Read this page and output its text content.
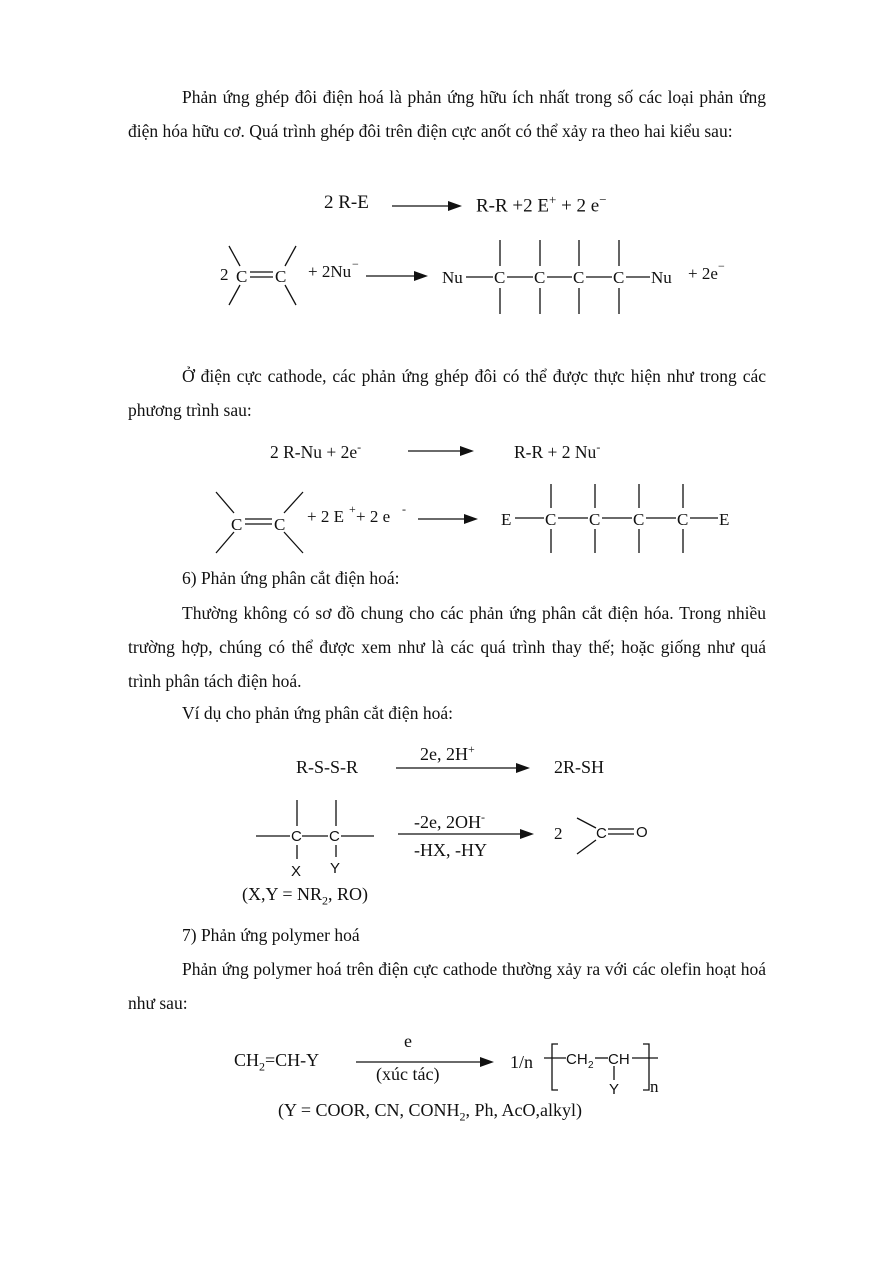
Phản ứng ghép đôi điện hoá là phản ứng hữu ích nhất trong số các loại phản ứng điện hóa hữu cơ. Quá trình ghép đôi trên điện cực anốt có thể xảy ra theo hai kiểu sau:
2 R-E	R-R +2 E+ + 2 e−
2 C C + 2Nu −
Nu C C C C Nu + 2e −
Ở điện cực cathode, các phản ứng ghép đôi có thể được thực hiện như trong các phương trình sau:
2 R-Nu + 2e-	R-R + 2 Nu-
C C + 2 E + + 2 e -
E C C C C E
6) Phản ứng phân cắt điện hoá:
Thường không có sơ đồ chung cho các phản ứng phân cắt điện hóa. Trong nhiều trường hợp, chúng có thể được xem như là các quá trình thay thế; hoặc giống như quá trình phân tách điện hoá.
Ví dụ cho phản ứng phân cắt điện hoá:
R-S-S-R
2e, 2H+
2R-SH
C C
X Y
2 C O
-2e, 2OH-
-HX, -HY
($X,Y = NR_2$, RO)
7) Phản ứng polymer hoá
Phản ứng polymer hoá trên điện cực cathode thường xảy ra với các olefin hoạt hoá như sau:
$CH_2=CH-Y$
e
(xúc tác)
1/n CH 2 CH
Y n
(Y = COOR, CN, $CONH_2$, Ph, AcO,alkyl)
